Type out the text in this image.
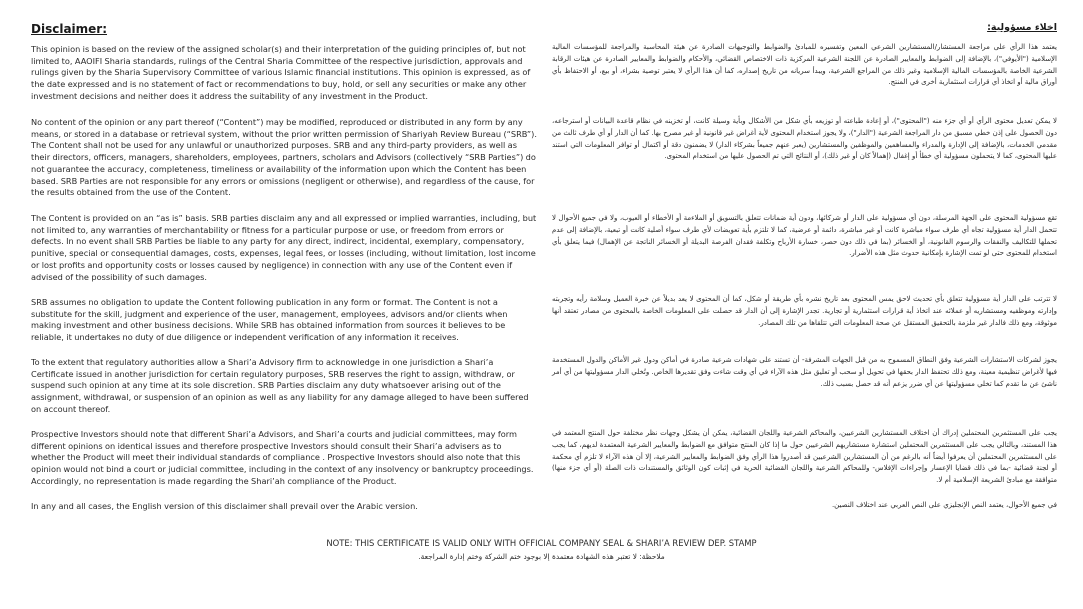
Disclaimer:

This opinion is based on the review of the assigned scholar(s) and their interpretation of the guiding principles of, but not limited to, AAOIFI Sharia standards, rulings of the Central Sharia Committee of the respective jurisdiction, approvals and rulings given by the Sharia Supervisory Committee of various Islamic financial institutions. This opinion is expressed, as of the date expressed and is no statement of fact or recommendations to buy, hold, or sell any securities or make any other investment decisions and neither does it address the suitability of any investment in the Product.

No content of the opinion or any part thereof (“Content”) may be modified, reproduced or distributed in any form by any means, or stored in a database or retrieval system, without the prior written permission of Shariyah Review Bureau (“SRB”). The Content shall not be used for any unlawful or unauthorized purposes. SRB and any third-party providers, as well as their directors, officers, managers, shareholders, employees, partners, scholars and Advisors (collectively “SRB Parties”) do not guarantee the accuracy, completeness, timeliness or availability of the information upon which the Content has been based. SRB Parties are not responsible for any errors or omissions (negligent or otherwise), and regardless of the cause, for the results obtained from the use of the Content.

The Content is provided on an “as is” basis. SRB parties disclaim any and all expressed or implied warranties, including, but not limited to, any warranties of merchantability or fitness for a particular purpose or use, or freedom from errors or defects. In no event shall SRB Parties be liable to any party for any direct, indirect, incidental, exemplary, compensatory, punitive, special or consequential damages, costs, expenses, legal fees, or losses (including, without limitation, lost income or lost profits and opportunity costs or losses caused by negligence) in connection with any use of the Content even if advised of the possibility of such damages.

SRB assumes no obligation to update the Content following publication in any form or format. The Content is not a substitute for the skill, judgment and experience of the user, management, employees, advisors and/or clients when making investment and other business decisions. While SRB has obtained information from sources it believes to be reliable, it undertakes no duty of due diligence or independent verification of any information it receives.

To the extent that regulatory authorities allow a Shari’a Advisory firm to acknowledge in one jurisdiction a Shari’a Certificate issued in another jurisdiction for certain regulatory purposes, SRB reserves the right to assign, withdraw, or suspend such opinion at any time at its sole discretion. SRB Parties disclaim any duty whatsoever arising out of the assignment, withdrawal, or suspension of an opinion as well as any liability for any damage alleged to have been suffered on account thereof.

Prospective Investors should note that different Shari’a Advisors, and Shari’a courts and judicial committees, may form different opinions on identical issues and therefore prospective Investors should consult their Shari’a advisers as to whether the Product will meet their individual standards of compliance . Prospective Investors should also note that this opinion would not bind a court or judicial committee, including in the context of any insolvency or bankruptcy proceedings. Accordingly, no representation is made regarding the Shari’ah compliance of the Product.

In any and all cases, the English version of this disclaimer shall prevail over the Arabic version.

اخلاء مسؤولية:

يعتمد هذا الرأي على مراجعة المستشار/المستشارين الشرعي المعين وتفسيره للمبادئ والضوابط والتوجيهات الصادرة عن هيئة المحاسبة والمراجعة للمؤسسات المالية الإسلامية ("الأيوفي")، بالإضافة إلى الضوابط والمعايير الصادرة عن اللجنة الشرعية المركزية ذات الاختصاص القضائي، والأحكام والضوابط والمعايير الصادرة عن هيئات الرقابة الشرعية الخاصة بالمؤسسات المالية الإسلامية وغير ذلك من المراجع الشرعية، ويبدأ سريانه من تاريخ إصداره، كما أن هذا الرأي لا يعتبر توصية بشراء، أو بيع، أو الاحتفاظ بأي أوراق مالية أو اتخاذ أي قرارات استثمارية أخرى في المنتج.

لا يمكن تعديل محتوى الرأي أو أي جزء منه ("المحتوى")، أو إعادة طباعته أو توزيعه بأي شكل من الأشكال وبأية وسيلة كانت، أو تخزينه في نظام قاعدة البيانات أو استرجاعه، دون الحصول على إذن خطي مسبق من دار المراجعة الشرعية ("الدار")، ولا يجوز استخدام المحتوى لأية أغراض غير قانونية أو غير مصرح بها. كما أن الدار أو أي طرف ثالث من مقدمي الخدمات، بالإضافة إلى الإدارة والمدراء والمساهمين والموظفين والمستشارين (يعبر عنهم جميعاً بشركاء الدار) لا يضمنون دقة أو اكتمال أو توافر المعلومات التي استند عليها المحتوى، كما لا يتحملون مسؤولية أي خطأ أو إغفال (إهمالاً كان أو غير ذلك)، أو النتائج التي تم الحصول عليها من استخدام المحتوى.

تقع مسؤولية المحتوى على الجهة المرسلة، دون أي مسؤولية على الدار أو شركائها، ودون أية ضمانات تتعلق بالتسويق أو الملاءمة أو الأخطاء أو العيوب، ولا في جميع الأحوال لا تتحمل الدار أية مسؤولية تجاه أي طرف سواء مباشرة كانت أو غير مباشرة، دائمة أو عرضية، كما لا تلتزم بأية تعويضات لأي طرف سواء أصلية كانت أو تبعية، بالإضافة إلى عدم تحملها للتكاليف والنفقات والرسوم القانونية، أو الخسائر (بما في ذلك دون حصر، خسارة الأرباح وتكلفة فقدان الفرصة البديلة أو الخسائر الناتجة عن الإهمال) فيما يتعلق بأي استخدام للمحتوى حتى لو تمت الإشارة بإمكانية حدوث مثل هذه الأضرار.

لا تترتب على الدار أية مسؤولية تتعلق بأي تحديث لاحق يمس المحتوى بعد تاريخ نشره بأي طريقة أو شكل، كما أن المحتوى لا يعد بديلاً عن خبرة العميل وسلامة رأيه وتجربته وإدارته وموظفيه ومستشاريه أو عملائه عند اتخاذ أية قرارات استثمارية أو تجارية. تجدر الإشارة إلى أن الدار قد حصلت على المعلومات الخاصة بالمحتوى من مصادر تعتقد أنها موثوقة، ومع ذلك فالدار غير ملزمة بالتحقيق المستقل عن صحة المعلومات التي تتلقاها من تلك المصادر.

يجوز لشركات الاستشارات الشرعية وفق النطاق المسموح به من قبل الجهات المشرفة- أن تستند على شهادات شرعية صادرة في أماكن ودول غير الأماكن والدول المستخدمة فيها لأغراض تنظيمية معينة، ومع ذلك تحتفظ الدار بحقها في تحويل أو سحب أو تعليق مثل هذه الآراء في أي وقت شاءت وفق تقديرها الخاص. وتُخلي الدار مسؤوليتها من أي أمر ناشئ عن ما تقدم كما تخلي مسؤوليتها عن أي ضرر يزعم أنه قد حصل بسبب ذلك.

يجب على المستثمرين المحتملين إدراك أن اختلاف المستشارين الشرعيين، والمحاكم الشرعية واللجان القضائية، يمكن أن يشكل وجهات نظر مختلفة حول المنتج المعتمد في هذا المستند، وبالتالي يجب على المستثمرين المحتملين استشارة مستشاريهم الشرعيين حول ما إذا كان المنتج متوافق مع الضوابط والمعايير الشرعية المعتمدة لديهم، كما يجب على المستثمرين المحتملين أن يعرفوا أيضاً أنه بالرغم من أن المستشارين الشرعيين قد أصدروا هذا الرأي وفق الضوابط والمعايير الشرعية، إلا أن هذه الآراء لا تلزم أي محكمة أو لجنة قضائية -بما في ذلك قضايا الإعسار وإجراءات الإفلاس- وللمحاكم الشرعية واللجان القضائية الحرية في إثبات كون الوثائق والمستندات ذات الصلة (أو أي جزء منها) متوافقة مع مبادئ الشريعة الإسلامية أم لا.

في جميع الأحوال، يعتمد النص الإنجليزي على النص العربي عند اختلاف النصين.

NOTE: THIS CERTIFICATE IS VALID ONLY WITH OFFICIAL COMPANY SEAL & SHARI’A REVIEW DEP. STAMP
ملاحظة: لا تعتبر هذه الشهادة معتمدة إلا بوجود ختم الشركة وختم إدارة المراجعة.
